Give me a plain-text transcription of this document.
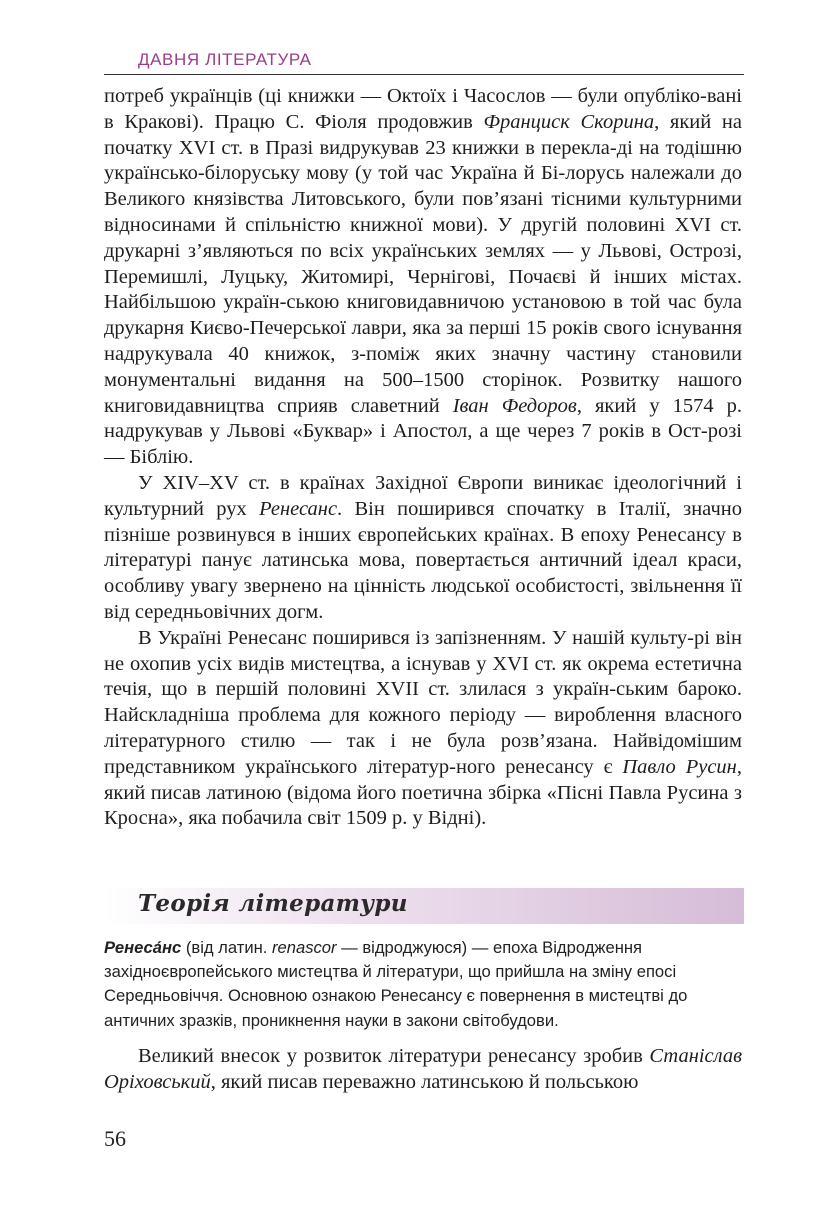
ДАВНЯ ЛІТЕРАТУРА

потреб українців (ці книжки — Октоїх і Часослов — були опубліко-вані в Кракові). Працю С. Фіоля продовжив Франциск Скорина, який на початку XVI ст. в Празі видрукував 23 книжки в перекла-ді на тодішню українсько-білоруську мову (у той час Україна й Бі-лорусь належали до Великого князівства Литовського, були пов’язані тісними культурними відносинами й спільністю книжної мови). У другій половині XVI ст. друкарні з’являються по всіх українських землях — у Львові, Острозі, Перемишлі, Луцьку, Житомирі, Чернігові, Почаєві й інших містах. Найбільшою україн-ською книговидавничою установою в той час була друкарня Києво-Печерської лаври, яка за перші 15 років свого існування надрукувала 40 книжок, з-поміж яких значну частину становили монументальні видання на 500–1500 сторінок. Розвитку нашого книговидавництва сприяв славетний Іван Федоров, який у 1574 р. надрукував у Львові «Буквар» і Апостол, а ще через 7 років в Ост-розі — Біблію.

У XIV–XV ст. в країнах Західної Європи виникає ідеологічний і культурний рух Ренесанс. Він поширився спочатку в Італії, значно пізніше розвинувся в інших європейських країнах. В епоху Ренесансу в літературі панує латинська мова, повертається античний ідеал краси, особливу увагу звернено на цінність людської особистості, звільнення її від середньовічних догм.

В Україні Ренесанс поширився із запізненням. У нашій культу-рі він не охопив усіх видів мистецтва, а існував у XVI ст. як окрема естетична течія, що в першій половині XVII ст. злилася з україн-ським бароко. Найскладніша проблема для кожного періоду — вироблення власного літературного стилю — так і не була розв’язана. Найвідомішим представником українського літератур-ного ренесансу є Павло Русин, який писав латиною (відома його поетична збірка «Пісні Павла Русина з Кросна», яка побачила світ 1509 р. у Відні).

Теорія літератури

Ренеса́нс (від латин. renascor — відроджуюся) — епоха Відродження західноєвропейського мистецтва й літератури, що прийшла на зміну епосі Середньовіччя. Основною ознакою Ренесансу є повернення в мистецтві до античних зразків, проникнення науки в закони світобудови.

Великий внесок у розвиток літератури ренесансу зробив Станіслав Оріховський, який писав переважно латинською й польською

56
